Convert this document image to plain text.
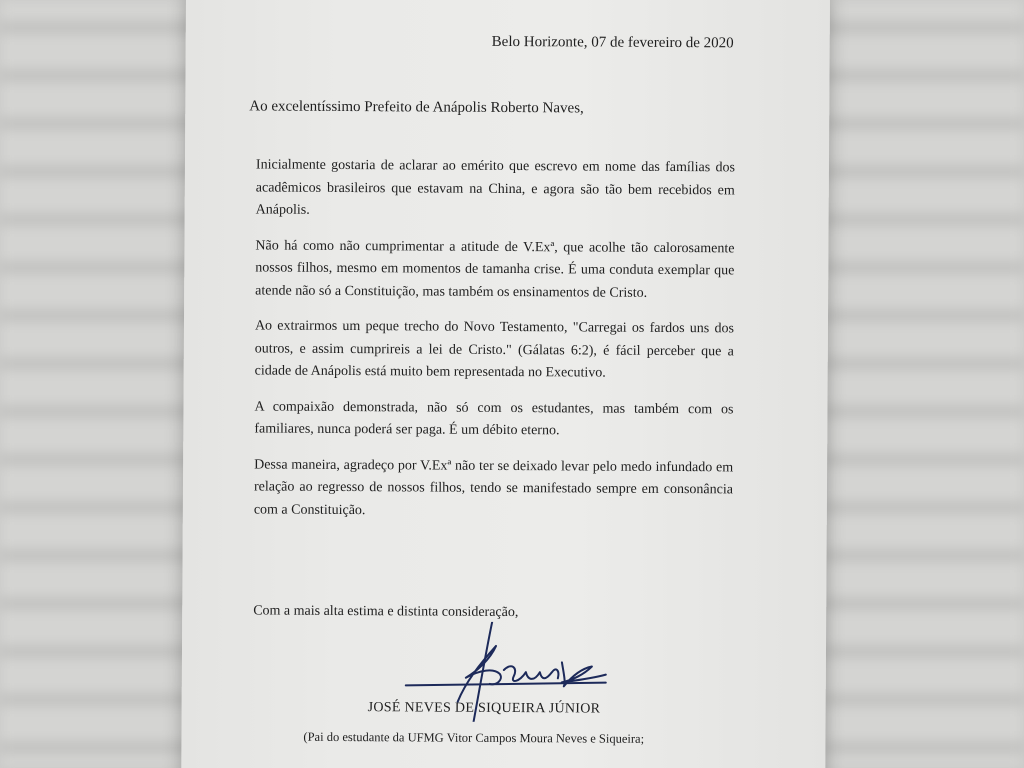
Belo Horizonte, 07 de fevereiro de 2020
Ao excelentíssimo Prefeito de Anápolis Roberto Naves,

Inicialmente gostaria de aclarar ao emérito que escrevo em nome das famílias dos acadêmicos brasileiros que estavam na China, e agora são tão bem recebidos em Anápolis.

Não há como não cumprimentar a atitude de V.Exª, que acolhe tão calorosamente nossos filhos, mesmo em momentos de tamanha crise. É uma conduta exemplar que atende não só a Constituição, mas também os ensinamentos de Cristo.

Ao extrairmos um peque trecho do Novo Testamento, "Carregai os fardos uns dos outros, e assim cumprireis a lei de Cristo." (Gálatas 6:2), é fácil perceber que a cidade de Anápolis está muito bem representada no Executivo.

A compaixão demonstrada, não só com os estudantes, mas também com os familiares, nunca poderá ser paga. É um débito eterno.

Dessa maneira, agradeço por V.Exª não ter se deixado levar pelo medo infundado em relação ao regresso de nossos filhos, tendo se manifestado sempre em consonância com a Constituição.

Com a mais alta estima e distinta consideração,
JOSÉ NEVES DE SIQUEIRA JÚNIOR
(Pai do estudante da UFMG Vitor Campos Moura Neves e Siqueira;
